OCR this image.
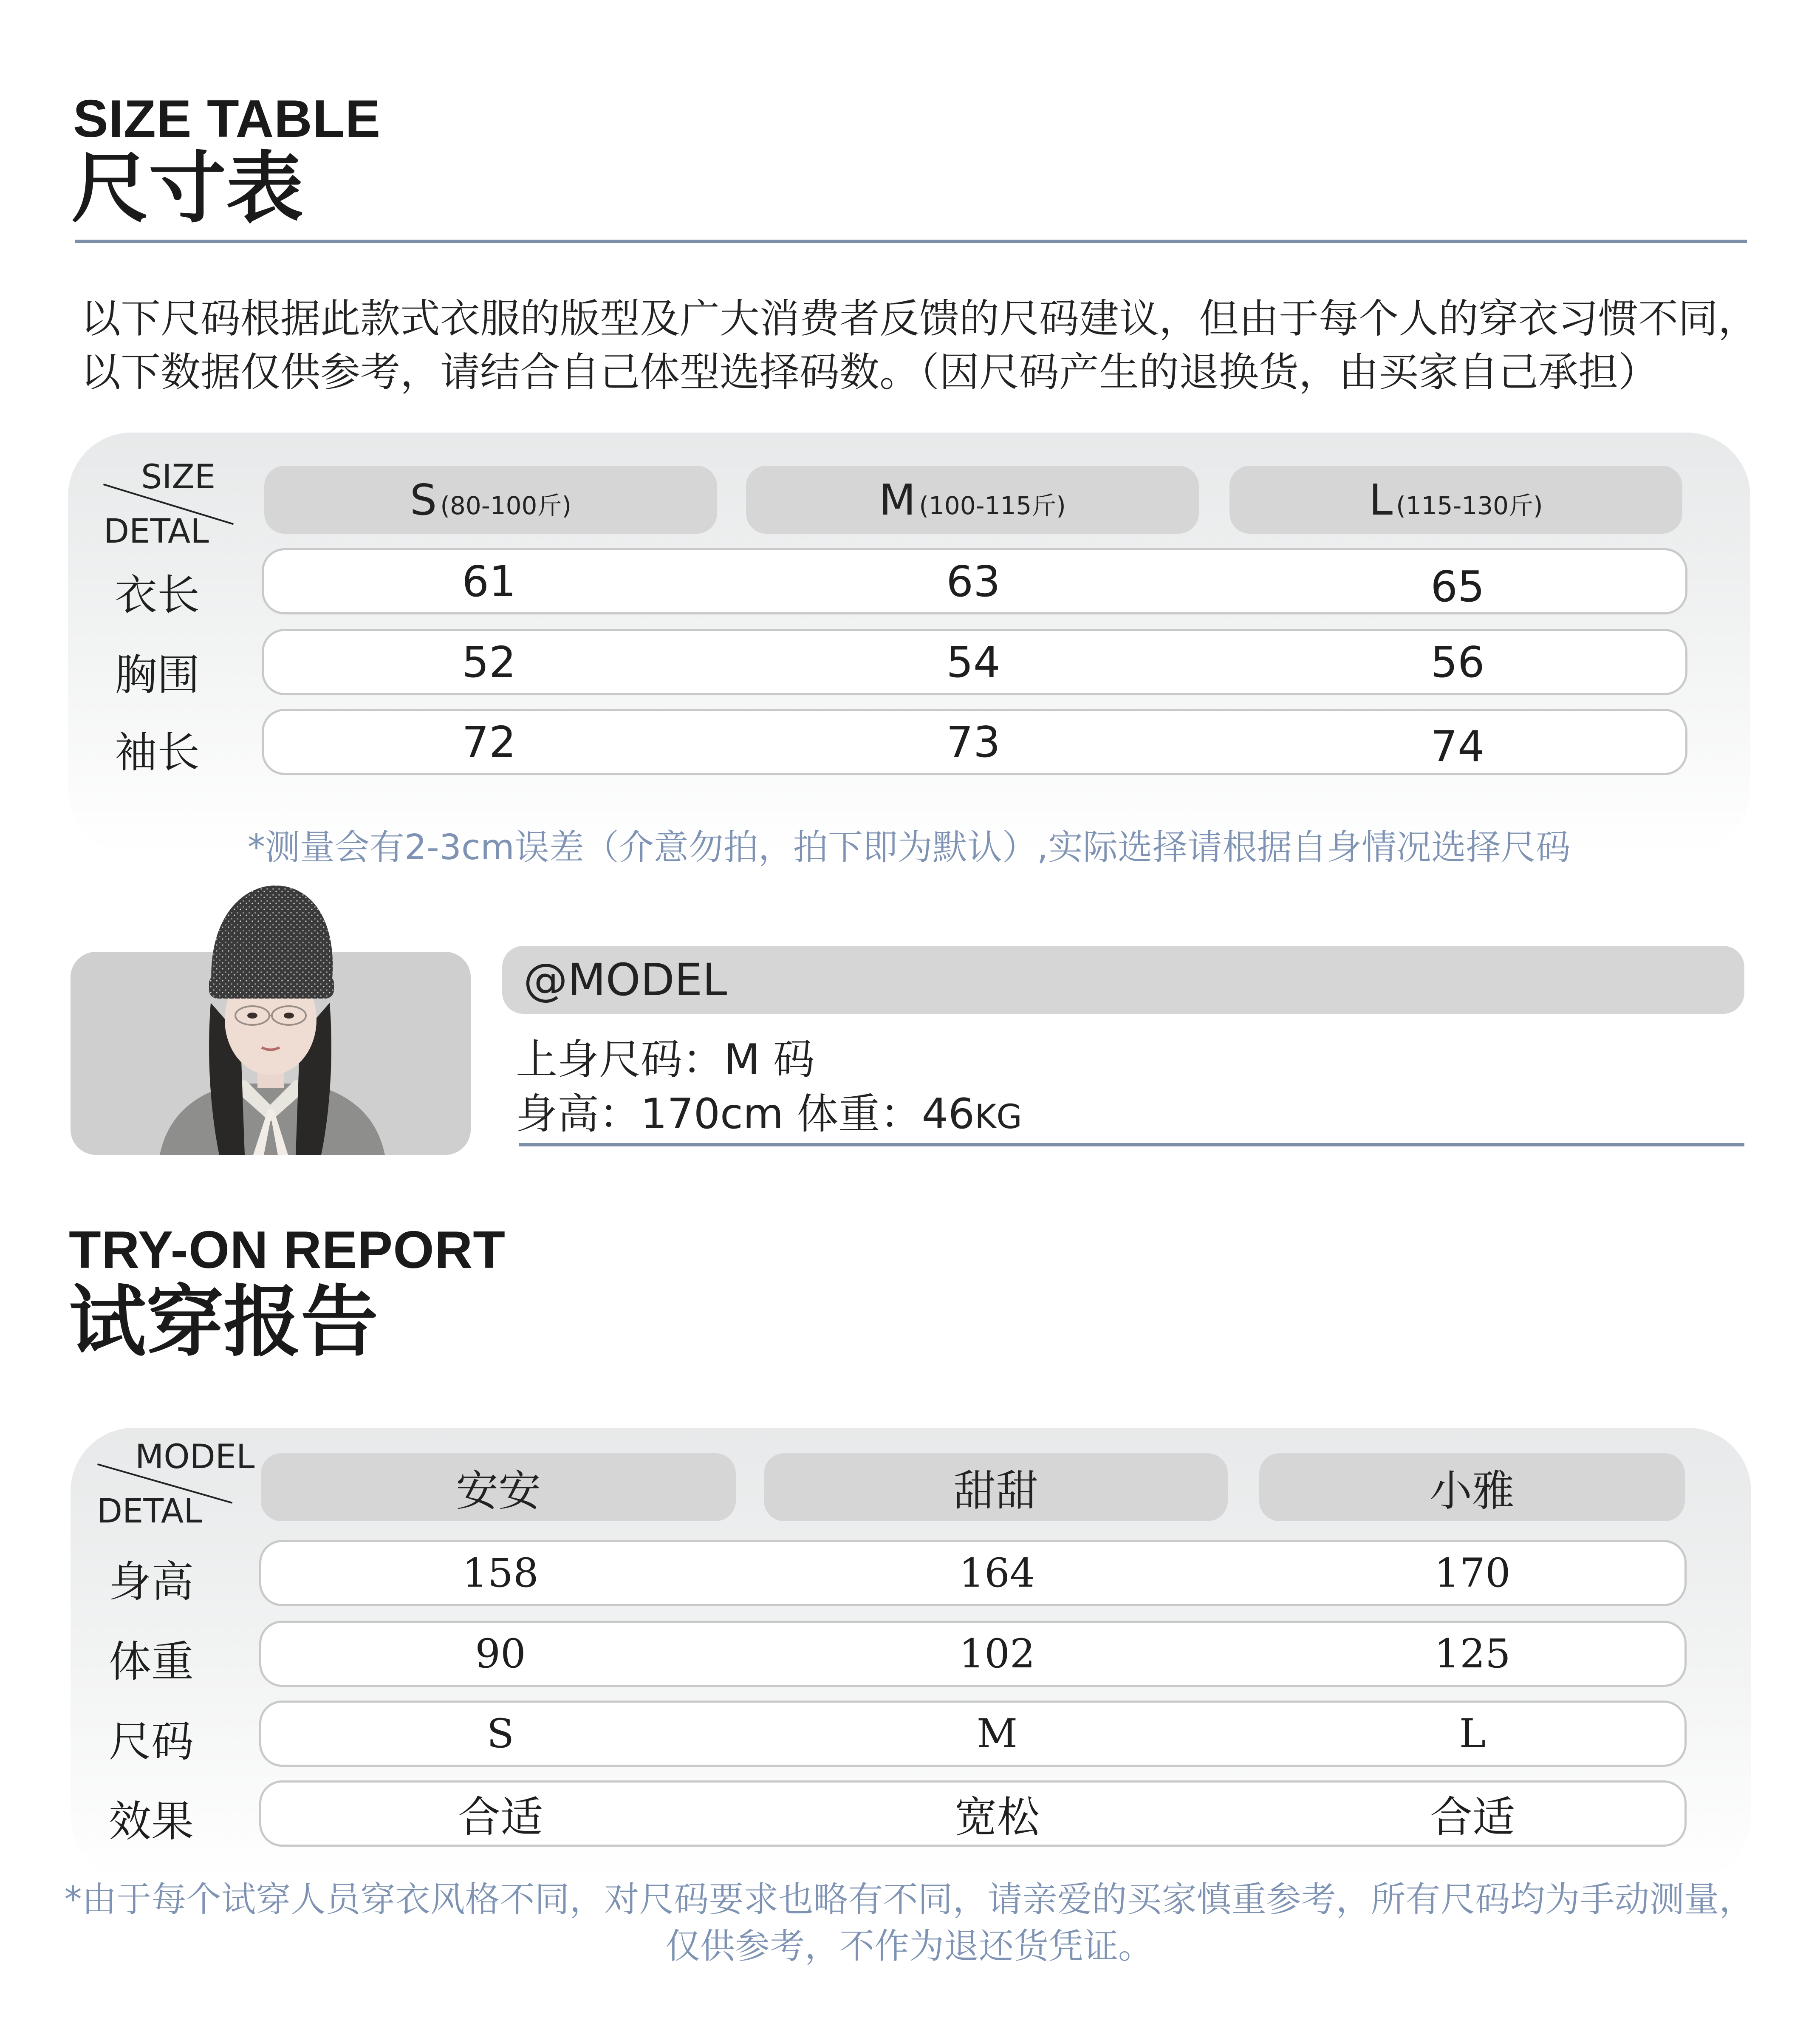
SIZE TABLE
尺寸表
以下尺码根据此款式衣服的版型及广大消费者反馈的尺码建议，但由于每个人的穿衣习惯不同，
以下数据仅供参考，请结合自己体型选择码数。（因尺码产生的退换货，由买家自己承担）
SIZE
DETAL
S (80-100斤)	M (100-115斤)	L (115-130斤)
衣长	61	63	65
胸围	52	54	56
袖长	72	73	74
*测量会有2-3cm误差（介意勿拍，拍下即为默认）,实际选择请根据自身情况选择尺码
@MODEL
上身尺码：M 码
身高：170cm 体重：46KG
TRY-ON REPORT
试穿报告
MODEL
DETAL	安安	甜甜	小雅
身高	158	164	170
体重	90	102	125
尺码	S	M	L
效果	合适	宽松	合适
*由于每个试穿人员穿衣风格不同，对尺码要求也略有不同，请亲爱的买家慎重参考，所有尺码均为手动测量，
仅供参考，不作为退还货凭证。
